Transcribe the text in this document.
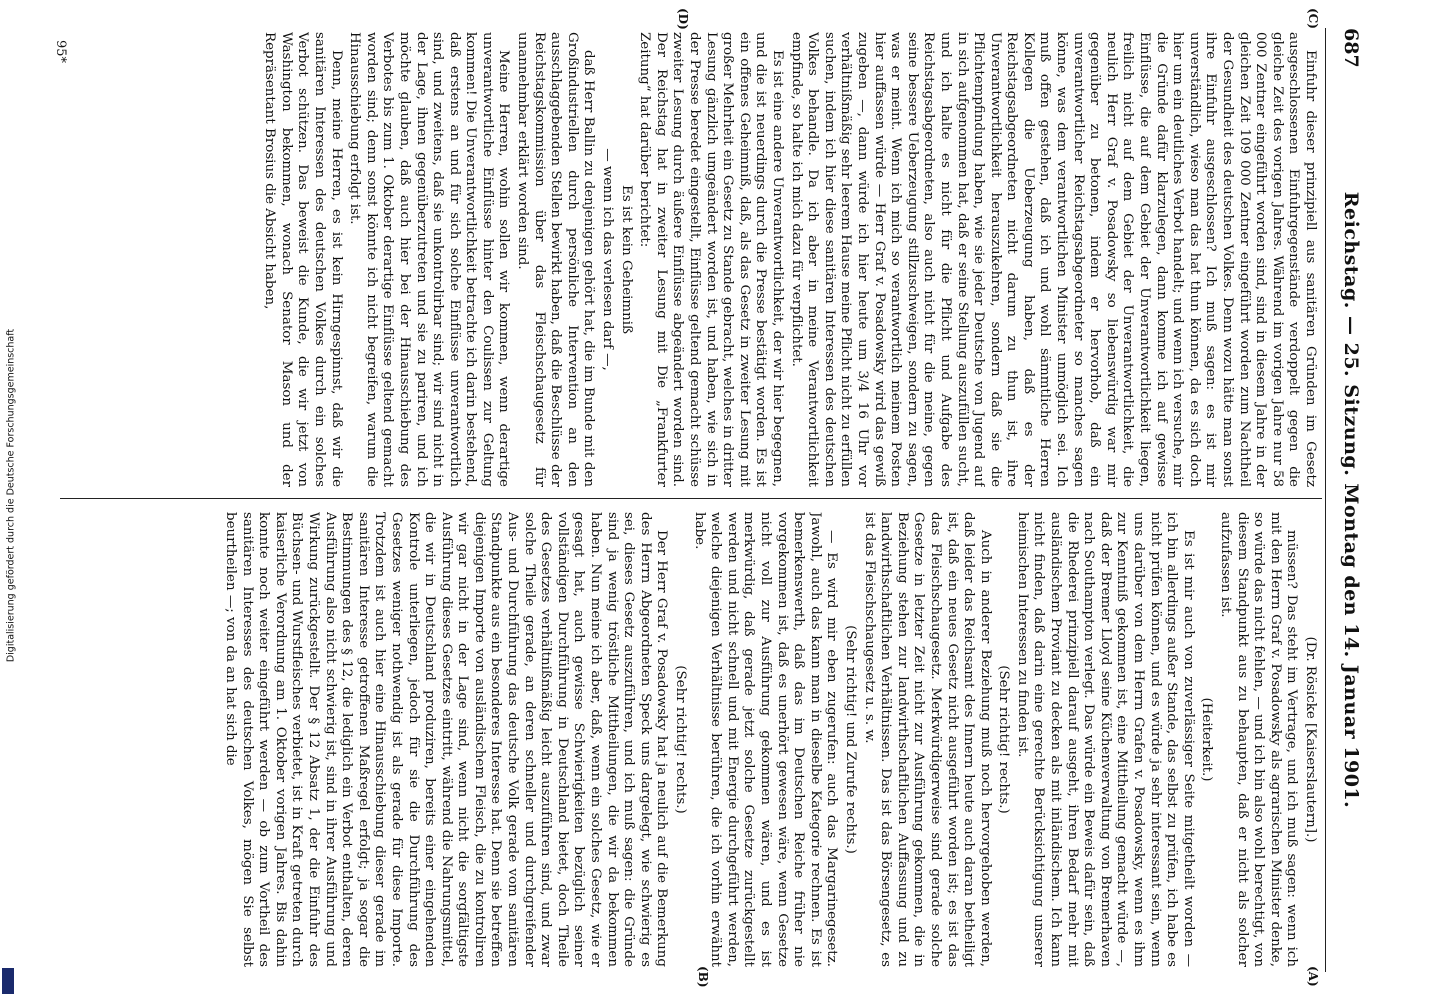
687
Reichstag. — 25. Sitzung. Montag den 14. Januar 1901.
(C)
(D)
(A)
(B)

Einfuhr dieser prinzipiell aus sanitären Gründen im Gesetz ausgeschlossenen Einfuhrgegenstände verdoppelt gegen die gleiche Zeit des vorigen Jahres. Während im vorigen Jahre nur 58 000 Zentner eingeführt worden sind, sind in diesem Jahre in der gleichen Zeit 109 000 Zentner eingeführt worden zum Nachtheil der Gesundheit des deutschen Volkes. Denn wozu hätte man sonst ihre Einfuhr ausgeschlossen? Ich muß sagen: es ist mir unverständlich, wieso man das hat thun können, da es sich doch hier um ein deutliches Verbot handelt; und wenn ich versuche, mir die Gründe dafür klarzulegen, dann komme ich auf gewisse Einflüsse, die auf dem Gebiet der Unverantwortlichkeit liegen, freilich nicht auf dem Gebiet der Unverantwortlichkeit, die neulich Herr Graf v. Posadowsky so liebenswürdig war mir gegenüber zu betonen, indem er hervorhob, daß ein unverantwortlicher Reichstagsabgeordneter so manches sagen könne, was dem verantwortlichen Minister unmöglich sei. Ich muß offen gestehen, daß ich und wohl sämmtliche Herren Kollegen die Ueberzeugung haben, daß es der Reichstagsabgeordneten nicht darum zu thun ist, ihre Unverantwortlichkeit herauszukehren, sondern daß sie die Pflichtempfindung haben, wie sie jeder Deutsche von Jugend auf in sich aufgenommen hat, daß er seine Stellung auszufüllen sucht, und ich halte es nicht für die Pflicht und Aufgabe des Reichstagsabgeordneten, also auch nicht für die meine, gegen seine bessere Ueberzeugung stillzuschweigen, sondern zu sagen, was er meint. Wenn ich mich so verantwortlich meinem Posten hier auffassen würde — Herr Graf v. Posadowsky wird das gewiß zugeben —, dann würde ich hier heute um 3/4 16 Uhr vor verhältnißmäßig sehr leerem Hause meine Pflicht nicht zu erfüllen suchen, indem ich hier diese sanitären Interessen des deutschen Volkes behandle. Da ich aber in meine Verantwortlichkeit empfinde, so halte ich mich dazu für verpflichtet.

Es ist eine andere Unverantwortlichkeit, der wir hier begegnen, und die ist neuerdings durch die Presse bestätigt worden. Es ist ein offenes Geheimniß, daß, als das Gesetz in zweiter Lesung mit großer Mehrheit ein Gesetz zu Stande gebracht, welches in dritter Lesung gänzlich umgeändert worden ist, und haben, wie sich in der Presse beredet eingestellt, Einflüsse geltend gemacht schüsse zweiter Lesung durch äußere Einflüsse abgeändert worden sind. Der Reichstag hat in zweiter Lesung mit Die „Frankfurter Zeitung“ hat darüber berichtet:

Es ist kein Geheimniß

— wenn ich das verlesen darf —,

daß Herr Ballin zu denjenigen gehört hat, die im Bunde mit den Großindustriellen durch persönliche Intervention an den ausschlaggebenden Stellen bewirkt haben, daß die Beschlüsse der Reichstagskommission über das Fleischschaugesetz für unannehmbar erklärt worden sind.

Meine Herren, wohin sollen wir kommen, wenn derartige unverantwortliche Einflüsse hinter den Coulissen zur Geltung kommen! Die Unverantwortlichkeit betrachte ich darin bestehend, daß erstens an und für sich solche Einflüsse unverantwortlich sind, und zweitens, daß sie unkontrolirbar sind; wir sind nicht in der Lage, ihnen gegenüberzutreten und sie zu pariren, und ich möchte glauben, daß auch hier bei der Hinausschiebung des Verbotes bis zum 1. Oktober derartige Einflüsse geltend gemacht worden sind; denn sonst könnte ich nicht begreifen, warum die Hinausschiebung erfolgt ist.

Denn, meine Herren, es ist kein Hirngespinnst, daß wir die sanitären Interessen des deutschen Volkes durch ein solches Verbot schützen. Das beweist die Kunde, die wir jetzt von Washington bekommen, wonach Senator Mason und der Repräsentant Brosius die Absicht haben,

(Dr. Rösicke [Kaiserslautern].)

müssen? Das steht im Vertrage, und ich muß sagen: wenn ich mit den Herrn Graf v. Posadowsky als agrarischen Minister denke, so würde das nicht fehlen, — und ich bin also wohl berechtigt, von diesem Standpunkt aus zu behaupten, daß er nicht als solcher aufzufassen ist.

(Heiterkeit.)

Es ist mir auch von zuverlässiger Seite mitgetheilt worden — ich bin allerdings außer Stande, das selbst zu prüfen, ich habe es nicht prüfen können, und es würde ja sehr interessant sein, wenn uns darüber von dem Herrn Grafen v. Posadowsky, wenn es ihm zur Kenntniß gekommen ist, eine Mittheilung gemacht würde —, daß der Bremer Lloyd seine Küchenverwaltung von Bremerhaven nach Southampton verlegt. Das würde ein Beweis dafür sein, daß die Rhederei prinzipiell darauf ausgeht, ihren Bedarf mehr mit ausländischem Proviant zu decken als mit inländischem. Ich kann nicht finden, daß darin eine gerechte Berücksichtigung unserer heimischen Interessen zu finden ist.

(Sehr richtig! rechts.)

Auch in anderer Beziehung muß noch hervorgehoben werden, daß leider das Reichsamt des Innern heute auch daran betheiligt ist, daß ein neues Gesetz nicht ausgeführt worden ist; es ist das das Fleischschaugesetz. Merkwürdigerweise sind gerade solche Gesetze in letzter Zeit nicht zur Ausführung gekommen, die in Beziehung stehen zur landwirthschaftlichen Auffassung und zu landwirthschaftlichen Verhältnissen. Das ist das Börsengesetz, es ist das Fleischschaugesetz u. s. w.

(Sehr richtig! und Zurufe rechts.)

— Es wird mir eben zugerufen: auch das Margarinegesetz. Jawohl, auch das kann man in dieselbe Kategorie rechnen. Es ist bemerkenswerth, daß das im Deutschen Reiche früher nie vorgekommen ist, daß es unerhört gewesen wäre, wenn Gesetze nicht voll zur Ausführung gekommen wären, und es ist merkwürdig, daß gerade jetzt solche Gesetze zurückgestellt werden und nicht schnell und mit Energie durchgeführt werden, welche diejenigen Verhältnisse berühren, die ich vorhin erwähnt habe.

(Sehr richtig! rechts.)

Der Herr Graf v. Posadowsky hat ja neulich auf die Bemerkung des Herrn Abgeordneten Speck uns dargelegt, wie schwierig es sei, dieses Gesetz auszuführen, und ich muß sagen: die Gründe sind ja wenig tröstliche Mittheilungen, die wir da bekommen haben. Nun meine ich aber, daß, wenn ein solches Gesetz, wie er gesagt hat, auch gewisse Schwierigkeiten bezüglich seiner vollständigen Durchführung in Deutschland bietet, doch Theile des Gesetzes verhältnißmäßig leicht auszuführen sind, und zwar solche Theile gerade, an deren schneller und durchgreifender Aus- und Durchführung das deutsche Volk gerade vom sanitären Standpunkte aus ein besonderes Interesse hat. Denn sie betreffen diejenigen Importe von ausländischem Fleisch, die zu kontroliren wir gar nicht in der Lage sind, wenn nicht die sorgfältigste Ausführung dieses Gesetzes eintritt, während die Nahrungsmittel, die wir in Deutschland produziren, bereits einer eingehenden Kontrole unterliegen, jedoch für sie die Durchführung des Gesetzes weniger nothwendig ist als gerade für diese Importe. Trotzdem ist auch hier eine Hinausschiebung dieser gerade im sanitären Interesse getroffenen Maßregel erfolgt; ja sogar die Bestimmungen des § 12, die lediglich ein Verbot enthalten, deren Ausführung also nicht schwierig ist, sind in ihrer Ausführung und Wirkung zurückgestellt. Der § 12 Absatz 1, der die Einfuhr des Büchsen- und Wurstfleisches verbietet, ist in Kraft getreten durch kaiserliche Verordnung am 1. Oktober vorigen Jahres. Bis dahin konnte noch weiter eingeführt werden — ob zum Vortheil des sanitären Interesses des deutschen Volkes, mögen Sie selbst beurtheilen —; von da an hat sich die

95*
Digitalisierung gefördert durch die Deutsche Forschungsgemeinschaft
